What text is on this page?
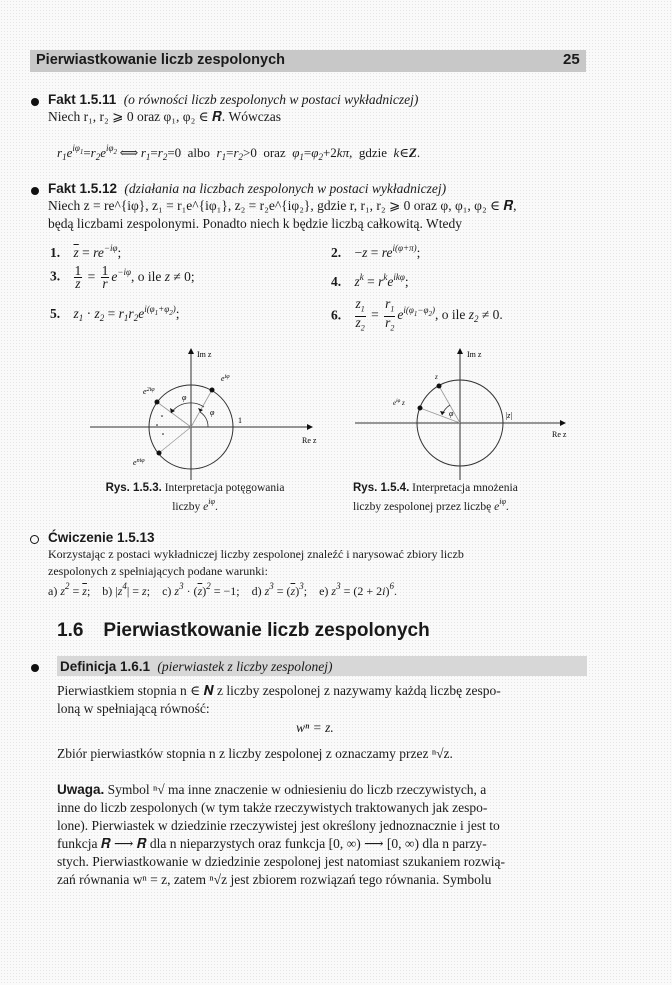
Pierwiastkowanie liczb zespolonych	25
Fakt 1.5.11 (o równości liczb zespolonych w postaci wykładniczej)
Niech r₁, r₂ ⩾ 0 oraz φ₁, φ₂ ∈ 𝑹. Wówczas
$r_1e^{i\varphi_1}=r_2e^{i\varphi_2}$ ⟺ $r_1=r_2=0$  albo  $r_1=r_2>0$  oraz  $\varphi_1=\varphi_2+2k\pi$,  gdzie  k∈Z.
Fakt 1.5.12 (działania na liczbach zespolonych w postaci wykładniczej)
Niech z = re^{iφ}, z₁ = r₁e^{iφ₁}, z₂ = r₂e^{iφ₂}, gdzie r, r₁, r₂ ⩾ 0 oraz φ, φ₁, φ₂ ∈ 𝑹,
będą liczbami zespolonymi. Ponadto niech k będzie liczbą całkowitą. Wtedy
1. $\overline{z} = re^{-i\varphi}$;	2. $-z = re^{i(\varphi+\pi)}$;
3. $\frac{1}{z} = \frac{1}{r} e^{-i\varphi}$, o ile z ≠ 0;	4. $z^k = r^ke^{ik\varphi}$;
5. $z_1 \cdot z_2 = r_1r_2e^{i(\varphi_1+\varphi_2)}$;	6. $\frac{z_1}{z_2} = \frac{r_1}{r_2} e^{i(\varphi_1-\varphi_2)}$, o ile $z_2 \ne 0$.
Im z
Re z
1
$e^{i\varphi}$
$e^{2i\varphi}$
$e^{ni\varphi}$
φ
φ
Rys. 1.5.3. Interpretacja potęgowania
liczby $e^{i\varphi}$.
Im z
Re z
|z|
z
$e^{i\varphi}$ z
φ
Rys. 1.5.4. Interpretacja mnożenia
liczby zespolonej przez liczbę $e^{i\varphi}$.
Ćwiczenie 1.5.13
Korzystając z postaci wykładniczej liczby zespolonej znaleźć i narysować zbiory liczb
zespolonych z spełniających podane warunki:
a) $z^2 = \overline{z}$;    b) $|z^4| = z$;    c) $z^3 \cdot (\overline{z})^2 = -1$;    d) $z^3 = (\overline{z})^3$;    e) $z^3 = (2 + 2i)^6$.
1.6 Pierwiastkowanie liczb zespolonych
Definicja 1.6.1 (pierwiastek z liczby zespolonej)
Pierwiastkiem stopnia n ∈ 𝑵 z liczby zespolonej z nazywamy każdą liczbę zespo-
loną w spełniającą równość:
wⁿ = z.
Zbiór pierwiastków stopnia n z liczby zespolonej z oznaczamy przez ⁿ√z.
Uwaga. Symbol ⁿ√ ma inne znaczenie w odniesieniu do liczb rzeczywistych, a
inne do liczb zespolonych (w tym także rzeczywistych traktowanych jak zespo-
lone). Pierwiastek w dziedzinie rzeczywistej jest określony jednoznacznie i jest to
funkcja 𝑹 ⟶ 𝑹 dla n nieparzystych oraz funkcja [0, ∞) ⟶ [0, ∞) dla n parzy-
stych. Pierwiastkowanie w dziedzinie zespolonej jest natomiast szukaniem rozwią-
zań równania wⁿ = z, zatem ⁿ√z jest zbiorem rozwiązań tego równania. Symbolu
